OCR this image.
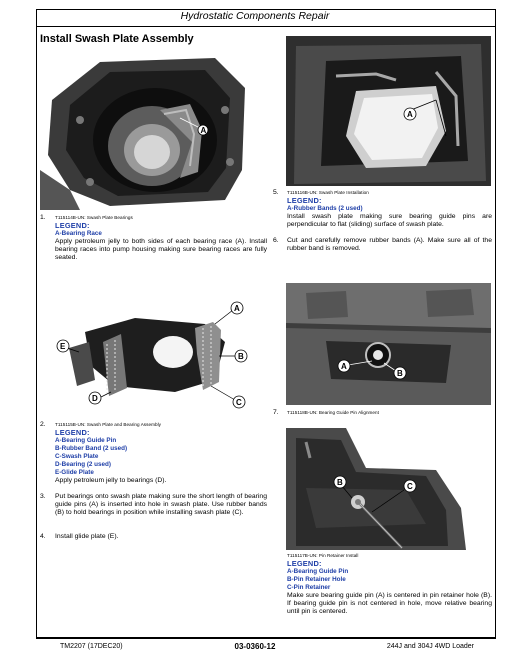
Hydrostatic Components Repair
Install Swash Plate Assembly
A
A
5. T115116B-UN: Swash Plate Installation
LEGEND:
A-Rubber Bands (2 used)
Install swash plate making sure bearing guide pins are perpendicular to flat (sliding) surface of swash plate.
6. Cut and carefully remove rubber bands (A). Make sure all of the rubber band is removed.
1. T115114B-UN: Swash Plate Bearings
LEGEND:
A-Bearing Race
Apply petroleum jelly to both sides of each bearing race (A). Install bearing races into pump housing making sure bearing races are fully seated.
A
B
C
D
E
A
B
7. T115118B-UN: Bearing Guide Pin Alignment
2. T115115B-UN: Swash Plate and Bearing Assembly
LEGEND:
A-Bearing Guide Pin
B-Rubber Band (2 used)
C-Swash Plate
D-Bearing (2 used)
E-Glide Plate
Apply petroleum jelly to bearings (D).
3. Put bearings onto swash plate making sure the short length of bearing guide pins (A) is inserted into hole in swash plate. Use rubber bands (B) to hold bearings in position while installing swash plate (C).
4. Install glide plate (E).
B	C
T115117B-UN: Pin Retainer Install
LEGEND:
A-Bearing Guide Pin
B-Pin Retainer Hole
C-Pin Retainer
Make sure bearing guide pin (A) is centered in pin retainer hole (B). If bearing guide pin is not centered in hole, move relative bearing until pin is centered.
TM2207 (17DEC20)	03-0360-12	244J and 304J 4WD Loader
